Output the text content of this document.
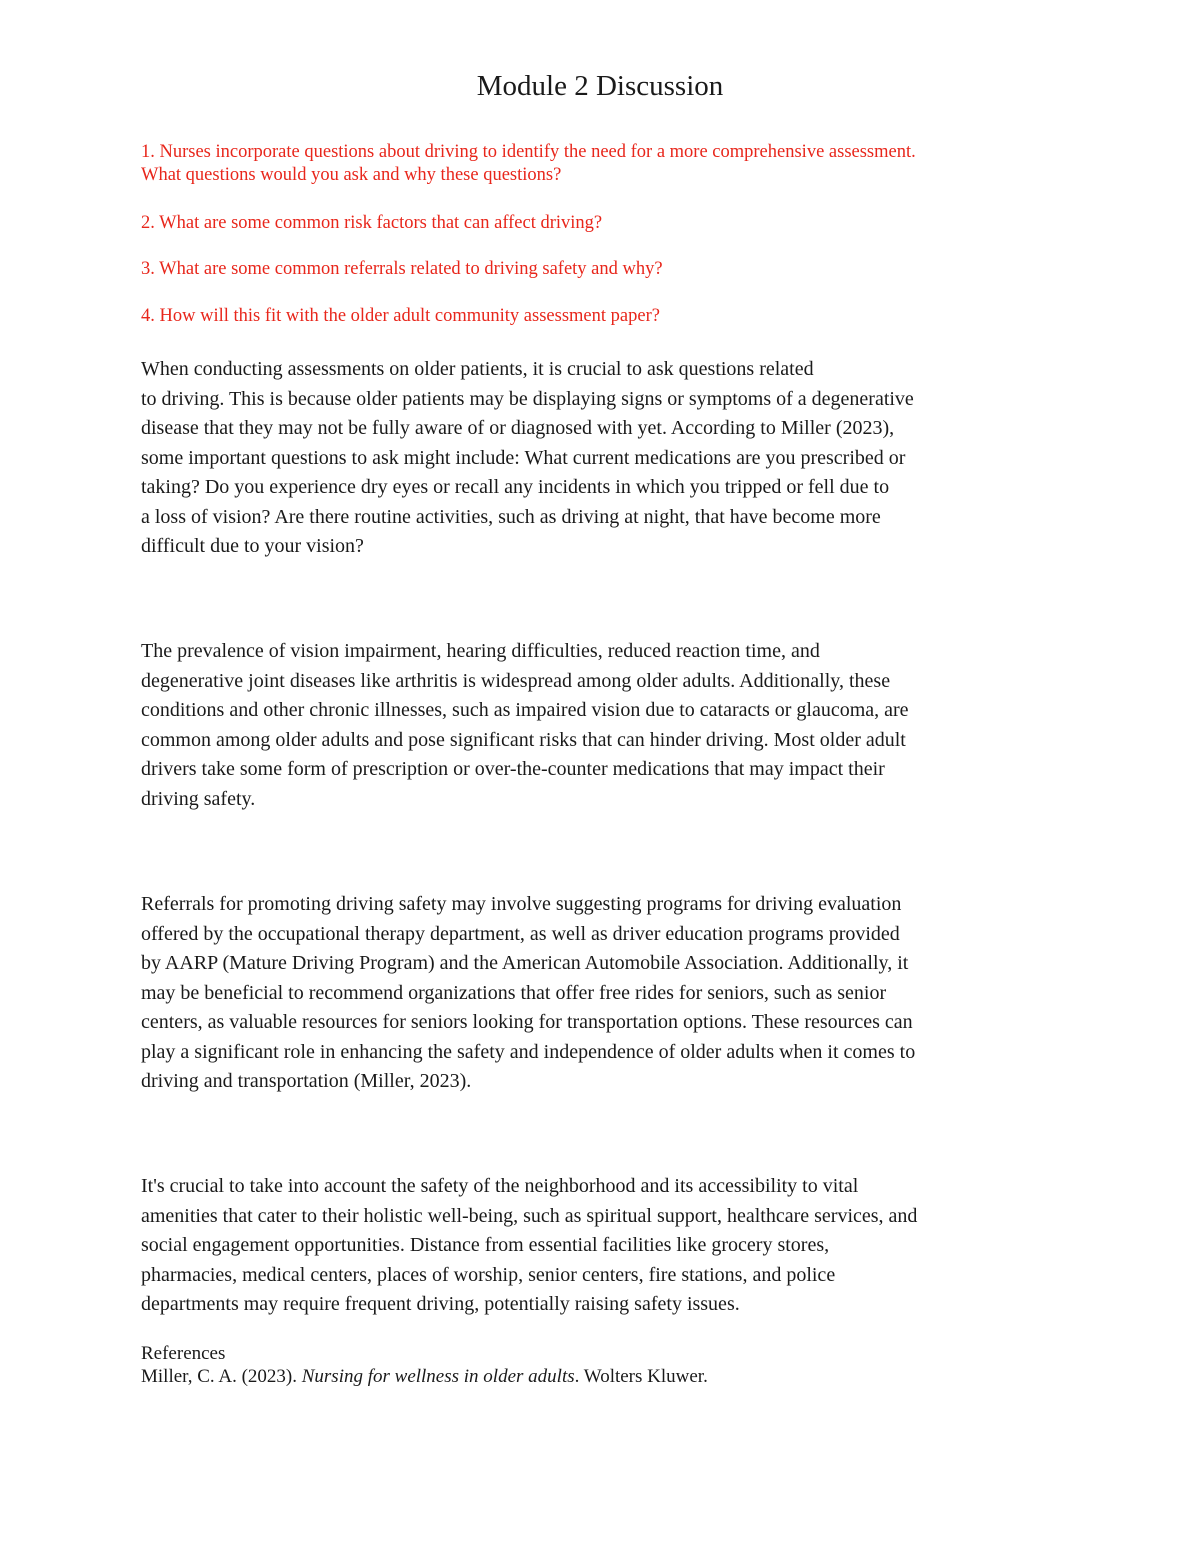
Module 2 Discussion
1. Nurses incorporate questions about driving to identify the need for a more comprehensive assessment.
What questions would you ask and why these questions?
2. What are some common risk factors that can affect driving?
3. What are some common referrals related to driving safety and why?
4. How will this fit with the older adult community assessment paper?
When conducting assessments on older patients, it is crucial to ask questions related
to driving. This is because older patients may be displaying signs or symptoms of a degenerative
disease that they may not be fully aware of or diagnosed with yet. According to Miller (2023),
some important questions to ask might include: What current medications are you prescribed or
taking? Do you experience dry eyes or recall any incidents in which you tripped or fell due to
a loss of vision? Are there routine activities, such as driving at night, that have become more
difficult due to your vision?
The prevalence of vision impairment, hearing difficulties, reduced reaction time, and
degenerative joint diseases like arthritis is widespread among older adults. Additionally, these
conditions and other chronic illnesses, such as impaired vision due to cataracts or glaucoma, are
common among older adults and pose significant risks that can hinder driving. Most older adult
drivers take some form of prescription or over-the-counter medications that may impact their
driving safety.
Referrals for promoting driving safety may involve suggesting programs for driving evaluation
offered by the occupational therapy department, as well as driver education programs provided
by AARP (Mature Driving Program) and the American Automobile Association. Additionally, it
may be beneficial to recommend organizations that offer free rides for seniors, such as senior
centers, as valuable resources for seniors looking for transportation options. These resources can
play a significant role in enhancing the safety and independence of older adults when it comes to
driving and transportation (Miller, 2023).
It's crucial to take into account the safety of the neighborhood and its accessibility to vital
amenities that cater to their holistic well-being, such as spiritual support, healthcare services, and
social engagement opportunities. Distance from essential facilities like grocery stores,
pharmacies, medical centers, places of worship, senior centers, fire stations, and police
departments may require frequent driving, potentially raising safety issues.
References
Miller, C. A. (2023). Nursing for wellness in older adults. Wolters Kluwer.
